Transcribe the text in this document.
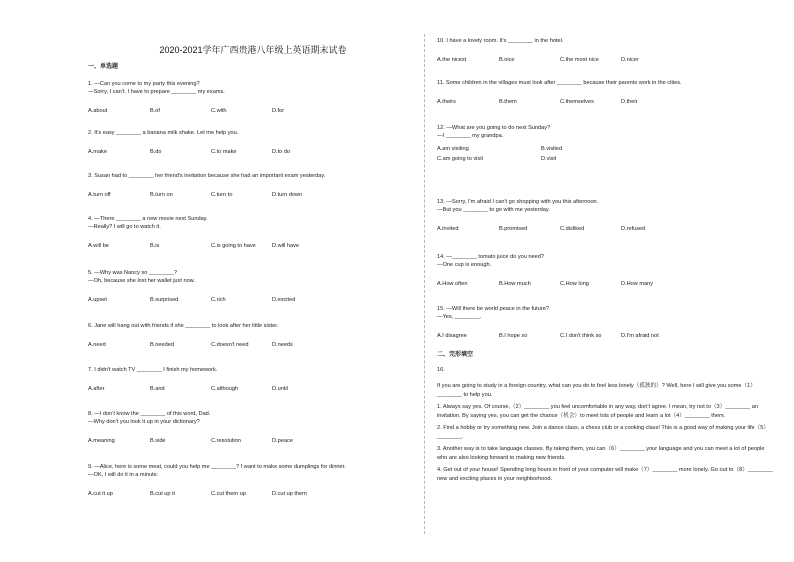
2020-2021学年广西贵港八年级上英语期末试卷
一、单选题
1. —Can you come to my party this evening?
—Sorry, I can't. I have to prepare ________ my exams.
A.about	B.of	C.with	D.for
2. It's easy ________ a banana milk shake. Let me help you.
A.make	B.do	C.to make	D.to do
3. Susan had to ________ her friend's invitation because she had an important exam yesterday.
A.turn off	B.turn on	C.turn to	D.turn down
4. —There ________ a new movie next Sunday.
—Really? I will go to watch it.
A.will be	B.is	C.is going to have	D.will have
5. —Why was Nancy so ________?
—Oh, because she lost her wallet just now.
A.upset	B.surprised	C.rich	D.excited
6. Jane will hang out with friends if she ________ to look after her little sister.
A.need	B.needed	C.doesn't need	D.needs
7. I didn't watch TV ________ I finish my homework.
A.after	B.and	C.although	D.until
8. —I don't know the ________ of this word, Dad.
—Why don't you look it up in your dictionary?
A.meaning	B.side	C.resolution	D.peace
9. —Alice, here is some meat, could you help me ________? I want to make some dumplings for dinner.
—OK, I will do it in a minute.
A.cut it up	B.cut up it	C.cut them up	D.cut up them
10. I have a lovely room. It's ________ in the hotel.
A.the nicest	B.nice	C.the most nice	D.nicer
11. Some children in the villages must look after ________ because their parents work in the cities.
A.theirs	B.them	C.themselves	D.their
12. —What are you going to do next Sunday?
—I ________ my grandpa.
A.am visiting	B.visited
C.am going to visit	D.visit
13. —Sorry, I'm afraid I can't go shopping with you this afternoon.
—But you ________ to go with me yesterday.
A.invited	B.promised	C.disliked	D.refused
14. —________ tomato juice do you need?
—One cup is enough.
A.How often	B.How much	C.How long	D.How many
15. —Will there be world peace in the future?
—Yes, ________.
A.I disagree	B.I hope so	C.I don't think so	D.I'm afraid not
二、完形填空

16.

If you are going to study in a foreign country, what can you do to feel less lonely（孤独的）? Well, here I will give you some（1）________ to help you.

1. Always say yes. Of course,（2）________ you feel uncomfortable in any way, don't agree. I mean, try not to（3）________ an invitation. By saying yes, you can get the chance（机会）to meet lots of people and learn a lot（4）________ them.

2. Find a hobby or try something new. Join a dance class, a chess club or a cooking class! This is a good way of making your life（5）________.

3. Another way is to take language classes. By taking them, you can（6）________ your language and you can meet a lot of people who are also looking forward to making new friends.

4. Get out of your house! Spending long hours in front of your computer will make（7）________ more lonely. Go out to（8）________ new and exciting places in your neighborhood.
